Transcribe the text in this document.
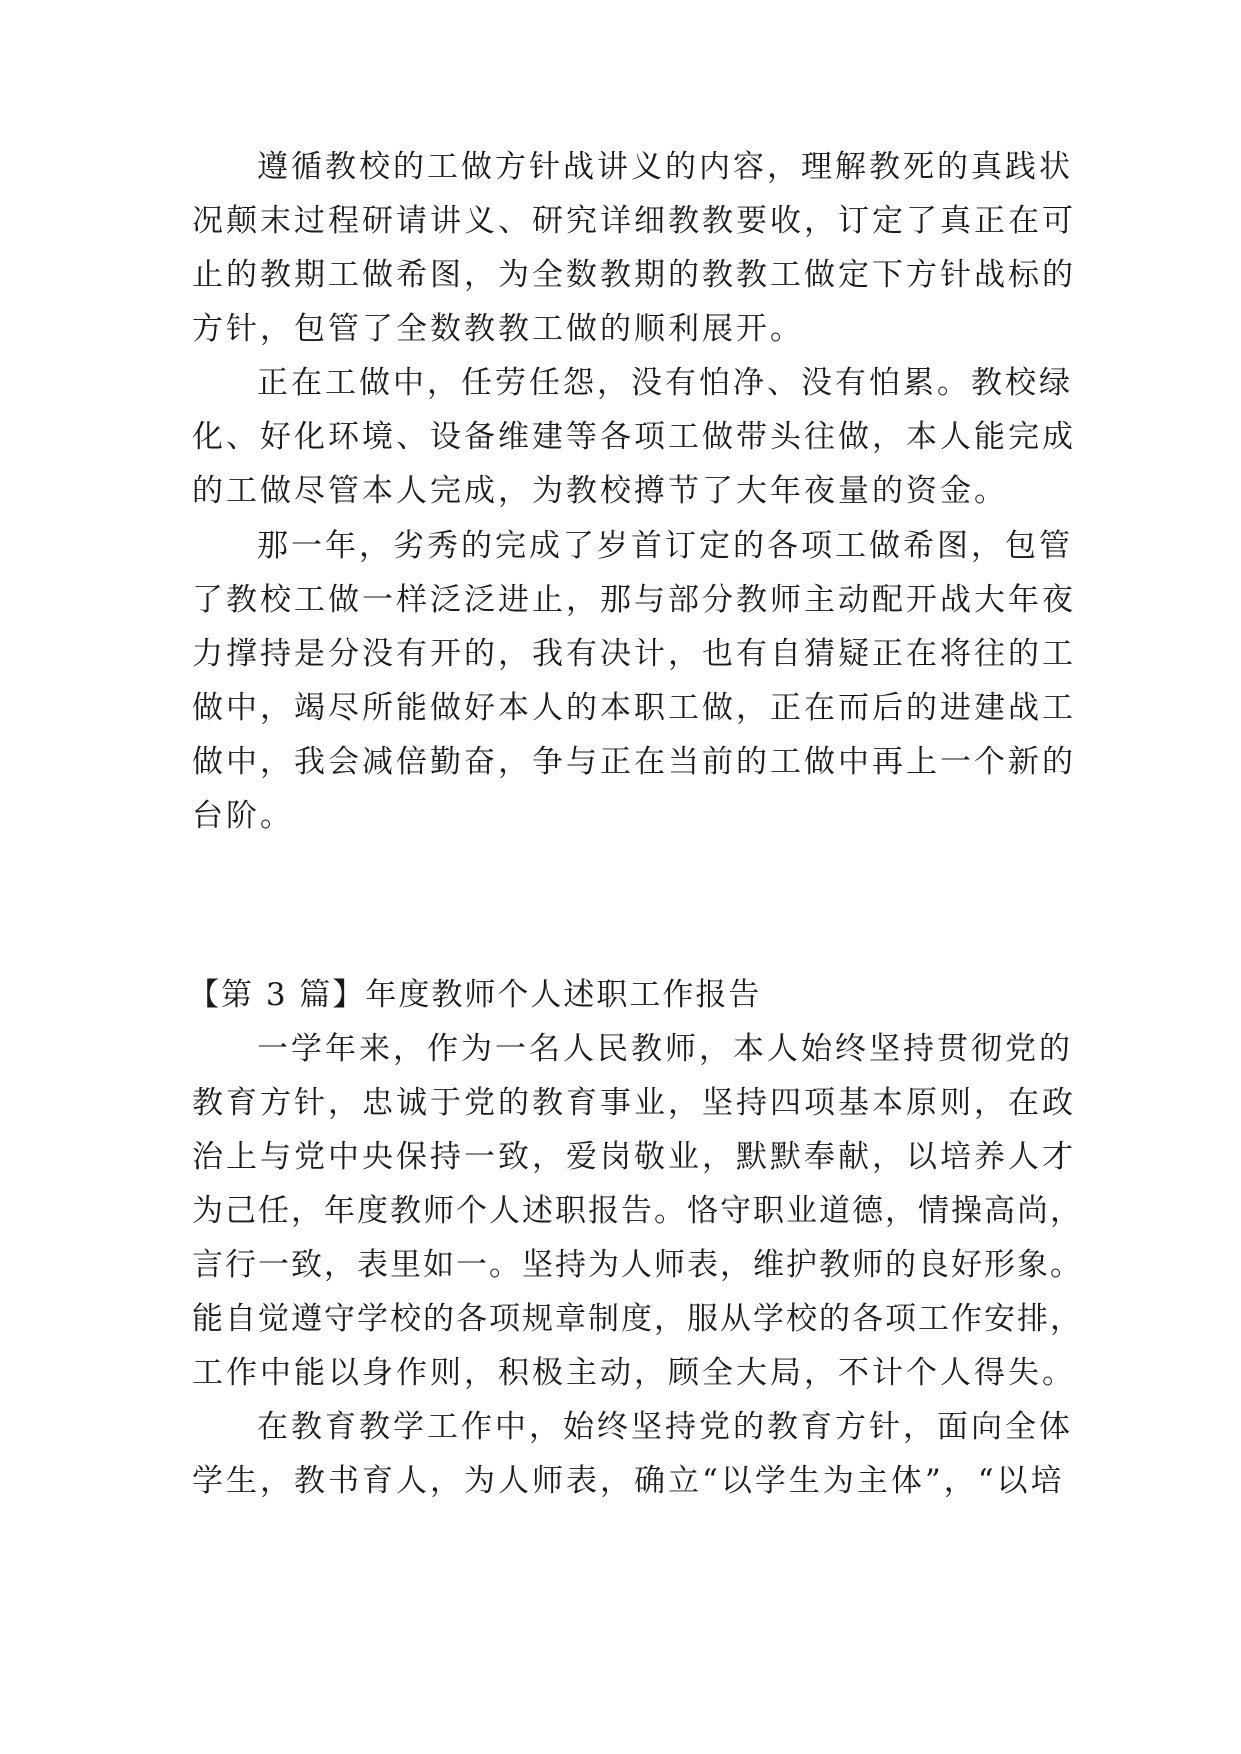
遵循教校的工做方针战讲义的内容，理解教死的真践状
况颠末过程研请讲义、研究详细教教要收，订定了真正在可
止的教期工做希图，为全数教期的教教工做定下方针战标的
方针，包管了全数教教工做的顺利展开。
正在工做中，任劳任怨，没有怕净、没有怕累。教校绿
化、好化环境、设备维建等各项工做带头往做，本人能完成
的工做尽管本人完成，为教校撙节了大年夜量的资金。
那一年，劣秀的完成了岁首订定的各项工做希图，包管
了教校工做一样泛泛进止，那与部分教师主动配开战大年夜
力撑持是分没有开的，我有决计，也有自猜疑正在将往的工
做中，竭尽所能做好本人的本职工做，正在而后的进建战工
做中，我会减倍勤奋，争与正在当前的工做中再上一个新的
台阶。
【第 3 篇】年度教师个人述职工作报告
一学年来，作为一名人民教师，本人始终坚持贯彻党的
教育方针，忠诚于党的教育事业，坚持四项基本原则，在政
治上与党中央保持一致，爱岗敬业，默默奉献，以培养人才
为己任，年度教师个人述职报告。恪守职业道德，情操高尚，
言行一致，表里如一。坚持为人师表，维护教师的良好形象。
能自觉遵守学校的各项规章制度，服从学校的各项工作安排，
工作中能以身作则，积极主动，顾全大局，不计个人得失。
在教育教学工作中，始终坚持党的教育方针，面向全体
学生，教书育人，为人师表，确立“以学生为主体”，“以培
